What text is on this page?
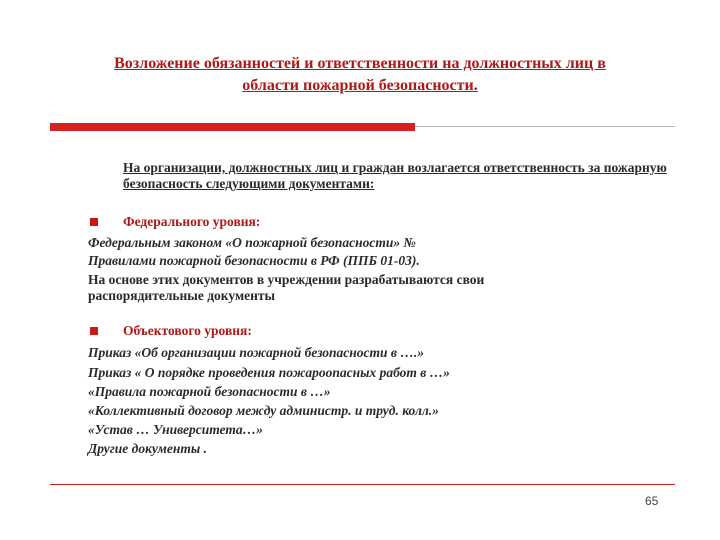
Возложение обязанностей и ответственности на должностных лиц в
области пожарной безопасности.
На организации, должностных лиц и граждан возлагается ответственность за пожарную безопасность следующими документами:
Федерального уровня:
Федеральным законом «О пожарной безопасности» №
Правилами пожарной безопасности в РФ (ППБ 01-03).
На основе этих документов в учреждении разрабатываются свои распорядительные документы
Объектового уровня:
Приказ «Об организации пожарной безопасности в ….»
Приказ « О порядке проведения пожароопасных работ в …»
«Правила пожарной безопасности в …»
«Коллективный договор между администр. и труд. колл.»
«Устав … Университета…»
Другие документы .
65
